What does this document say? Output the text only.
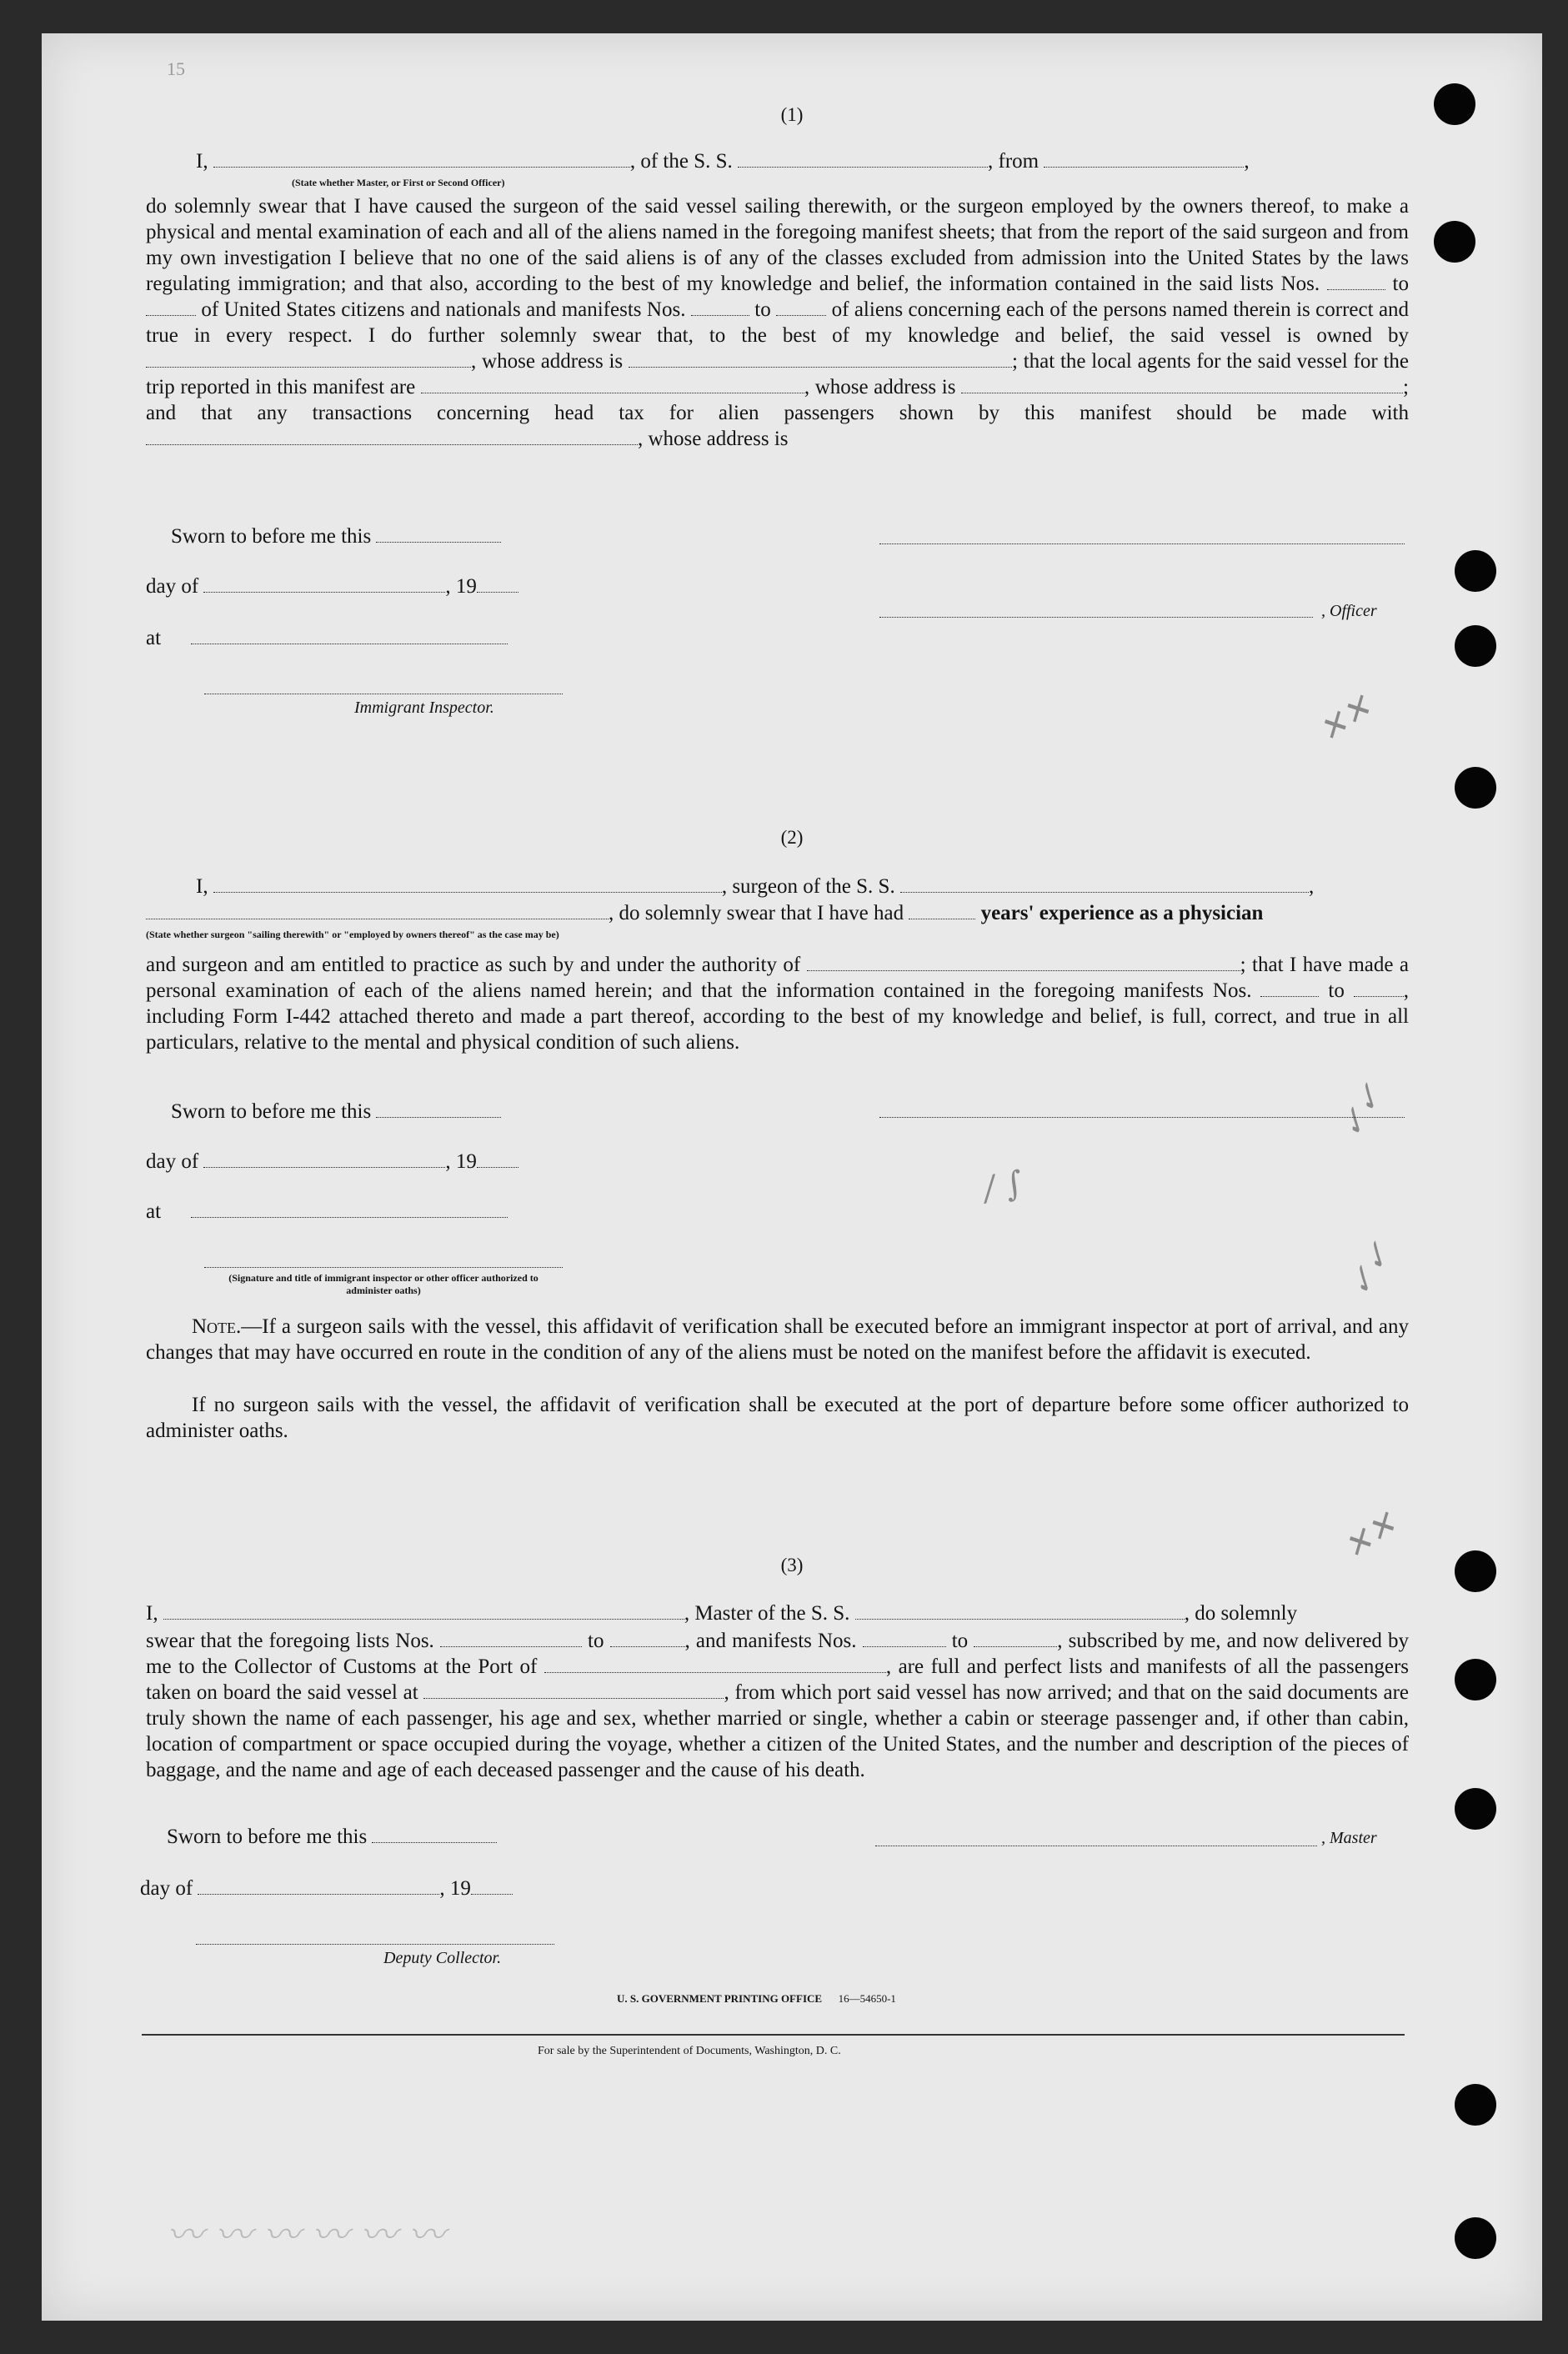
✕✕
✓✓
✓✓
✕✕
/ ∫
15
(1)
I,	, of the S. S.	, from	,
(State whether Master, or First or Second Officer)
do solemnly swear that I have caused the surgeon of the said vessel sailing therewith, or the surgeon employed by the owners thereof, to make a physical and mental examination of each and all of the aliens named in the foregoing manifest sheets; that from the report of the said surgeon and from my own investigation I believe that no one of the said aliens is of any of the classes excluded from admission into the United States by the laws regulating immigration; and that also, according to the best of my knowledge and belief, the information contained in the said lists Nos.	to  of United States citizens and nationals and manifests Nos.	to	of aliens concerning each of the persons named therein is correct and true in every respect. I do further solemnly swear that, to the best of my knowledge and belief, the said vessel is owned by , whose address is	; that the local agents for the said vessel for the trip reported in this manifest are	, whose address is	; and that any transactions concerning head tax for alien passengers shown by this manifest should be made with , whose address is
Sworn to before me this
day of	, 19
, Officer
at
Immigrant Inspector.
(2)
I,	, surgeon of the S. S.	,
, do solemnly swear that I have had	years' experience as a physician
(State whether surgeon "sailing therewith" or "employed by owners thereof" as the case may be)
and surgeon and am entitled to practice as such by and under the authority of	; that I have made a personal examination of each of the aliens named herein; and that the information contained in the foregoing manifests Nos.	to	, including Form I-442 attached thereto and made a part thereof, according to the best of my knowledge and belief, is full, correct, and true in all particulars, relative to the mental and physical condition of such aliens.
Sworn to before me this
day of	, 19
at
(Signature and title of immigrant inspector or other officer authorized to administer oaths)
Note.—If a surgeon sails with the vessel, this affidavit of verification shall be executed before an immigrant inspector at port of arrival, and any changes that may have occurred en route in the condition of any of the aliens must be noted on the manifest before the affidavit is executed.
If no surgeon sails with the vessel, the affidavit of verification shall be executed at the port of departure before some officer authorized to administer oaths.
(3)
I,	, Master of the S. S.	, do solemnly
swear that the foregoing lists Nos.	to	, and manifests Nos.	to	, subscribed by me, and now delivered by me to the Collector of Customs at the Port of	, are full and perfect lists and manifests of all the passengers taken on board the said vessel at	, from which port said vessel has now arrived; and that on the said documents are truly shown the name of each passenger, his age and sex, whether married or single, whether a cabin or steerage passenger and, if other than cabin, location of compartment or space occupied during the voyage, whether a citizen of the United States, and the number and description of the pieces of baggage, and the name and age of each deceased passenger and the cause of his death.
Sworn to before me this	, Master
day of	, 19
Deputy Collector.
U. S. GOVERNMENT PRINTING OFFICE 16—54650-1
For sale by the Superintendent of Documents, Washington, D. C.
〰 〰 〰 〰 〰 〰
